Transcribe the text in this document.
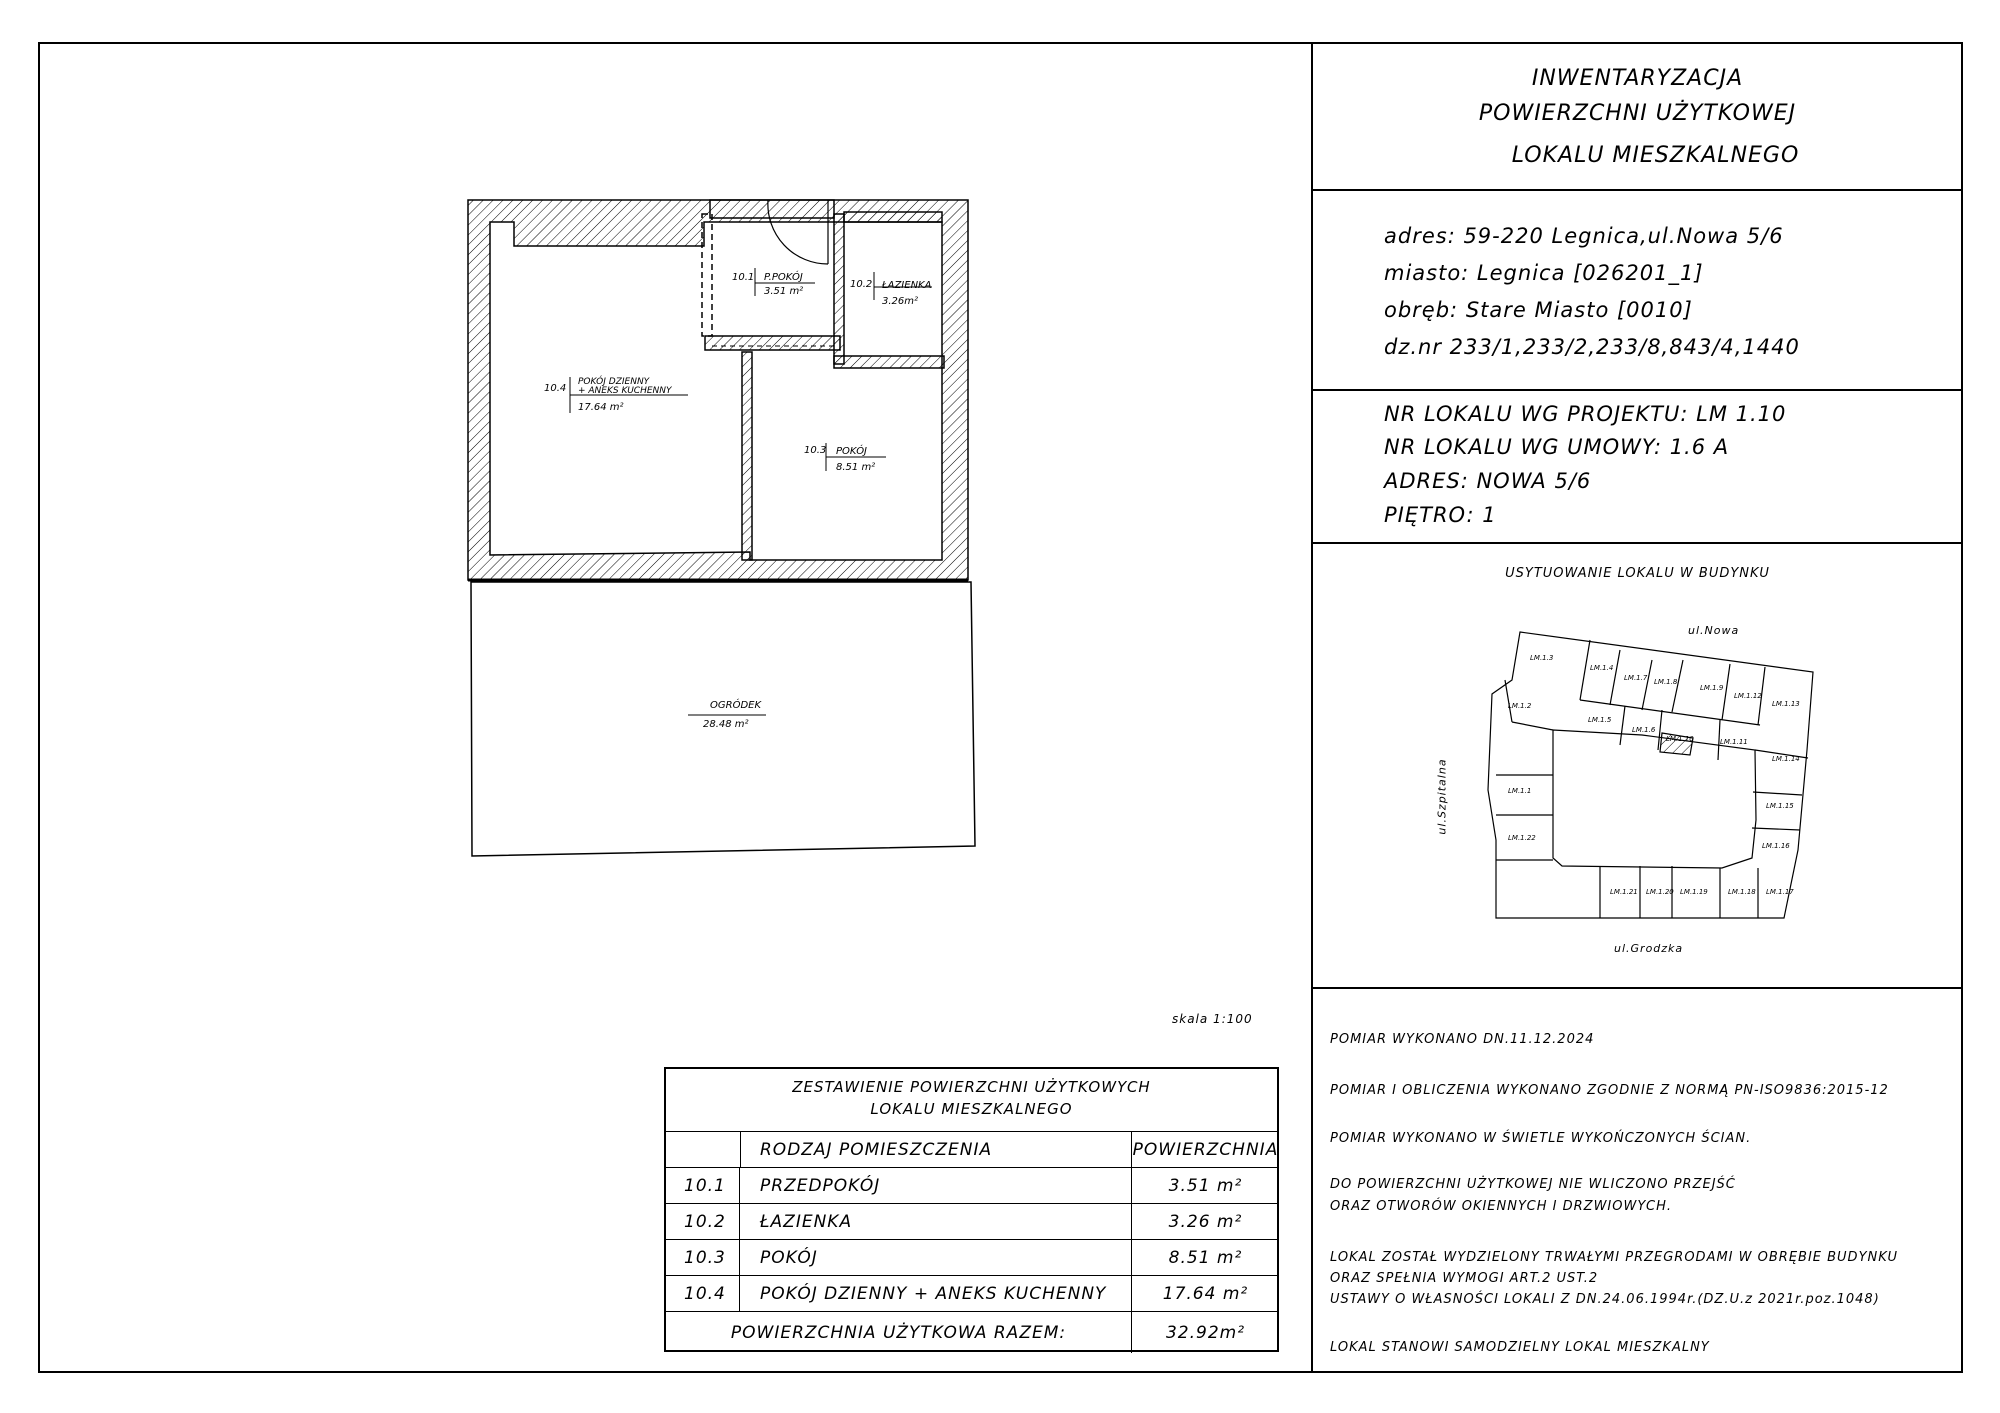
INWENTARYZACJA
POWIERZCHNI UŻYTKOWEJ
LOKALU MIESZKALNEGO
adres: 59-220 Legnica,ul.Nowa 5/6
miasto: Legnica [026201_1]
obręb: Stare Miasto [0010]
dz.nr 233/1,233/2,233/8,843/4,1440
NR LOKALU WG PROJEKTU: LM 1.10
NR LOKALU WG UMOWY: 1.6 A
ADRES: NOWA 5/6
PIĘTRO: 1
USYTUOWANIE LOKALU W BUDYNKU
ul.Nowa
ul.Grodzka
ul.Szpitalna
LM.1.3
LM.1.4
LM.1.7 LM.1.8
LM.1.9
LM.1.12
LM.1.13
LM.1.2
LM.1.5
LM.1.6
LM.1.10	LM.1.11
LM.1.14
LM.1.1
LM.1.15
LM.1.22
LM.1.16
LM.1.21 LM.1.20 LM.1.19	LM.1.18 LM.1.17
10.1 P.POKÓJ
3.51 m²
10.2 ŁAZIENKA
3.26m²
10.3 POKÓJ
8.51 m²
10.4
POKÓJ DZIENNY
+ ANEKS KUCHENNY
17.64 m²
OGRÓDEK
28.48 m²
skala 1:100
POMIAR WYKONANO DN.11.12.2024
POMIAR I OBLICZENIA WYKONANO ZGODNIE Z NORMĄ PN-ISO9836:2015-12
POMIAR WYKONANO W ŚWIETLE WYKOŃCZONYCH ŚCIAN.
DO POWIERZCHNI UŻYTKOWEJ NIE WLICZONO PRZEJŚĆ
ORAZ OTWORÓW OKIENNYCH I DRZWIOWYCH.
LOKAL ZOSTAŁ WYDZIELONY TRWAŁYMI PRZEGRODAMI W OBRĘBIE BUDYNKU
ORAZ SPEŁNIA WYMOGI ART.2 UST.2
USTAWY O WŁASNOŚCI LOKALI Z DN.24.06.1994r.(DZ.U.z 2021r.poz.1048)
LOKAL STANOWI SAMODZIELNY LOKAL MIESZKALNY
ZESTAWIENIE POWIERZCHNI UŻYTKOWYCH
LOKALU MIESZKALNEGO
RODZAJ POMIESZCZENIA	POWIERZCHNIA
10.1	PRZEDPOKÓJ	3.51 m²
10.2	ŁAZIENKA	3.26 m²
10.3	POKÓJ	8.51 m²
10.4	POKÓJ DZIENNY + ANEKS KUCHENNY	17.64 m²
POWIERZCHNIA UŻYTKOWA RAZEM:	32.92m²
